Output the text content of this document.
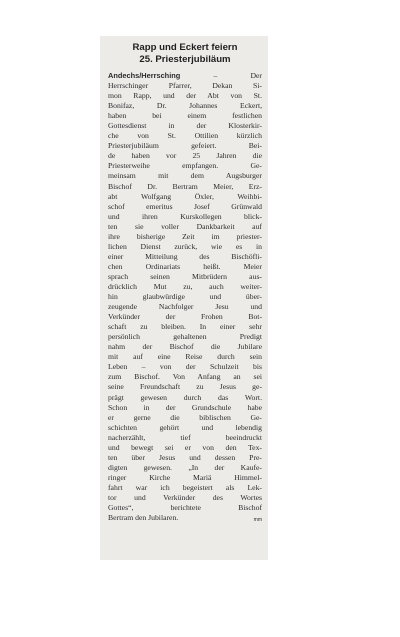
Rapp und Eckert feiern
25. Priesterjubiläum
Andechs/Herrsching – Der
Herrschinger Pfarrer, Dekan Si-
mon Rapp, und der Abt von St.
Bonifaz, Dr. Johannes Eckert,
haben bei einem festlichen
Gottesdienst in der Klosterkir-
che von St. Ottilien kürzlich
Priesterjubiläum gefeiert. Bei-
de haben vor 25 Jahren die
Priesterweihe empfangen. Ge-
meinsam mit dem Augsburger
Bischof Dr. Bertram Meier, Erz-
abt Wolfgang Öxler, Weihbi-
schof emeritus Josef Grünwald
und ihren Kurskollegen blick-
ten sie voller Dankbarkeit auf
ihre bisherige Zeit im priester-
lichen Dienst zurück, wie es in
einer Mitteilung des Bischöfli-
chen Ordinariats heißt. Meier
sprach seinen Mitbrüdern aus-
drücklich Mut zu, auch weiter-
hin glaubwürdige und über-
zeugende Nachfolger Jesu und
Verkünder der Frohen Bot-
schaft zu bleiben. In einer sehr
persönlich gehaltenen Predigt
nahm der Bischof die Jubilare
mit auf eine Reise durch sein
Leben – von der Schulzeit bis
zum Bischof. Von Anfang an sei
seine Freundschaft zu Jesus ge-
prägt gewesen durch das Wort.
Schon in der Grundschule habe
er gerne die biblischen Ge-
schichten gehört und lebendig
nacherzählt, tief beeindruckt
und bewegt sei er von den Tex-
ten über Jesus und dessen Pre-
digten gewesen. „In der Kaufe-
ringer Kirche Mariä Himmel-
fahrt war ich begeistert als Lek-
tor und Verkünder des Wortes
Gottes“, berichtete Bischof
Bertram den Jubilaren.	mm
